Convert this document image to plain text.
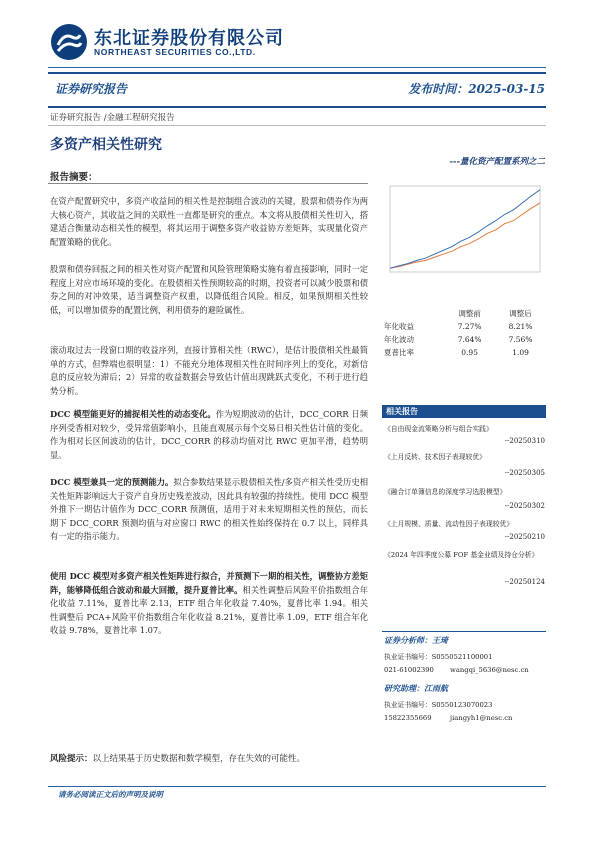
东北证券股份有限公司
NORTHEAST SECURITIES CO.,LTD.
证券研究报告	发布时间：2025-03-15
证券研究报告 /金融工程研究报告
多资产相关性研究
---量化资产配置系列之二
报告摘要：

在资产配置研究中，多资产收益间的相关性是控制组合波动的关键，股票和债券作为两大核心资产，其收益之间的关联性一直都是研究的重点。本文将从股债相关性切入，搭建适合衡量动态相关性的模型，将其运用于调整多资产收益协方差矩阵，实现量化资产配置策略的优化。

股票和债券回报之间的相关性对资产配置和风险管理策略实施有着直接影响，同时一定程度上对应市场环境的变化。在股债相关性预期较高的时期，投资者可以减少股票和债券之间的对冲效果，适当调整资产权重，以降低组合风险。相反，如果预期相关性较低，可以增加债券的配置比例，利用债券的避险属性。

滚动取过去一段窗口期的收益序列，直接计算相关性（RWC），是估计股债相关性最简单的方式，但弊端也很明显：1）不能充分地体现相关性在时间序列上的变化，对新信息的反应较为滞后；2）异常的收益数据会导致估计值出现跳跃式变化，不利于进行趋势分析。

DCC 模型能更好的捕捉相关性的动态变化。作为短期波动的估计，DCC_CORR 日频序列受香相对较少，受异常值影响小，且能直观展示每个交易日相关性估计值的变化。作为相对长区间波动的估计，DCC_CORR 的移动均值对比 RWC 更加平滑，趋势明显。

DCC 模型兼具一定的预测能力。拟合参数结果显示股债相关性/多资产相关性受历史相关性矩阵影响远大于资产自身历史残差波动，因此具有较强的持续性。使用 DCC 模型外推下一期估计值作为 DCC_CORR 预测值，适用于对未来短期相关性的预估，而长期下 DCC_CORR 预测均值与对应窗口 RWC 的相关性始终保持在 0.7 以上，同样具有一定的指示能力。

使用 DCC 模型对多资产相关性矩阵进行拟合，并预测下一期的相关性，调整协方差矩阵，能够降低组合波动和最大回撤，提升夏普比率。相关性调整后风险平价指数组合年化收益 7.11%，夏普比率 2.13，ETF 组合年化收益 7.40%，夏普比率 1.94。相关性调整后 PCA+风险平价指数组合年化收益 8.21%，夏普比率 1.09，ETF 组合年化收益 9.78%，夏普比率 1.07。

	调整前	调整后
年化收益	7.27%	8.21%
年化波动	7.64%	7.56%
夏普比率	0.95	1.09
相关报告
《自由现金流策略分析与组合实践》
--20250310
《上月反转、技术因子表现较优》
--20250305
《融合订单簿信息的深度学习选股模型》
--20250302
《上月规模、质量、流动性因子表现较优》
--20250210
《2024 年四季度公募 FOF 基金业绩及持仓分析》
--20250124
证券分析师：王琦
执业证书编号：S0550521100001
021-61002390 wangqi_5636@nesc.cn
研究助理：江雨航
执业证书编号：S0550123070023
15822355669	jiangyh1@nesc.cn
风险提示：以上结果基于历史数据和数学模型，存在失效的可能性。
请务必阅读正文后的声明及说明
